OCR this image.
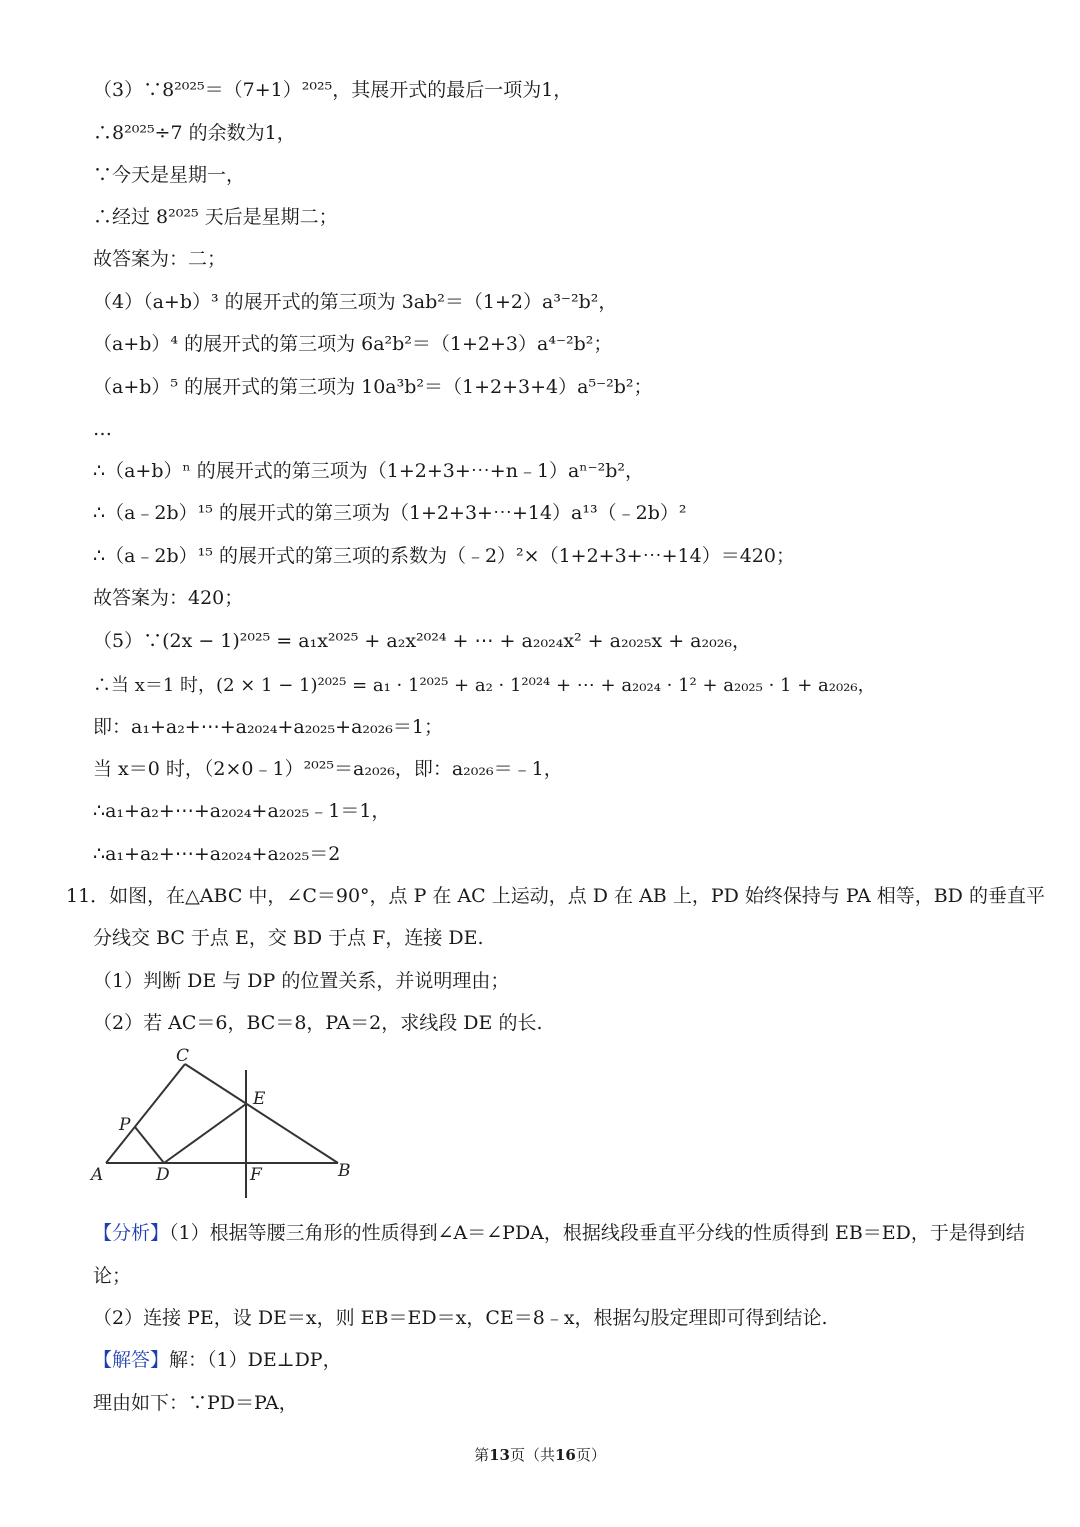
（3）∵8²⁰²⁵＝（7+1）²⁰²⁵，其展开式的最后一项为1，
∴8²⁰²⁵÷7 的余数为1，
∵今天是星期一，
∴经过 8²⁰²⁵ 天后是星期二；
故答案为：二；
（4）（a+b）³ 的展开式的第三项为 3ab²＝（1+2）a³⁻²b²，
（a+b）⁴ 的展开式的第三项为 6a²b²＝（1+2+3）a⁴⁻²b²；
（a+b）⁵ 的展开式的第三项为 10a³b²＝（1+2+3+4）a⁵⁻²b²；
…
∴（a+b）ⁿ 的展开式的第三项为（1+2+3+⋯+n﹣1）aⁿ⁻²b²，
∴（a﹣2b）¹⁵ 的展开式的第三项为（1+2+3+⋯+14）a¹³（﹣2b）²
∴（a﹣2b）¹⁵ 的展开式的第三项的系数为（﹣2）²×（1+2+3+⋯+14）＝420；
故答案为：420；
（5）∵(2x − 1)²⁰²⁵ = a₁x²⁰²⁵ + a₂x²⁰²⁴ + ⋯ + a₂₀₂₄x² + a₂₀₂₅x + a₂₀₂₆，
∴当 x＝1 时，(2 × 1 − 1)²⁰²⁵ = a₁ · 1²⁰²⁵ + a₂ · 1²⁰²⁴ + ⋯ + a₂₀₂₄ · 1² + a₂₀₂₅ · 1 + a₂₀₂₆，
即：a₁+a₂+⋯+a₂₀₂₄+a₂₀₂₅+a₂₀₂₆＝1；
当 x＝0 时，（2×0﹣1）²⁰²⁵＝a₂₀₂₆，即：a₂₀₂₆＝﹣1，
∴a₁+a₂+⋯+a₂₀₂₄+a₂₀₂₅﹣1＝1，
∴a₁+a₂+⋯+a₂₀₂₄+a₂₀₂₅＝2
11．如图，在△ABC 中，∠C＝90°，点 P 在 AC 上运动，点 D 在 AB 上，PD 始终保持与 PA 相等，BD 的垂直平
分线交 BC 于点 E，交 BD 于点 F，连接 DE.
（1）判断 DE 与 DP 的位置关系，并说明理由；
（2）若 AC＝6，BC＝8，PA＝2，求线段 DE 的长.
C
E
P
A	D	F	B
【分析】（1）根据等腰三角形的性质得到∠A＝∠PDA，根据线段垂直平分线的性质得到 EB＝ED，于是得到结
论；
（2）连接 PE，设 DE＝x，则 EB＝ED＝x，CE＝8﹣x，根据勾股定理即可得到结论.
【解答】解：（1）DE⊥DP，
理由如下：∵PD＝PA，
第13页（共16页）
